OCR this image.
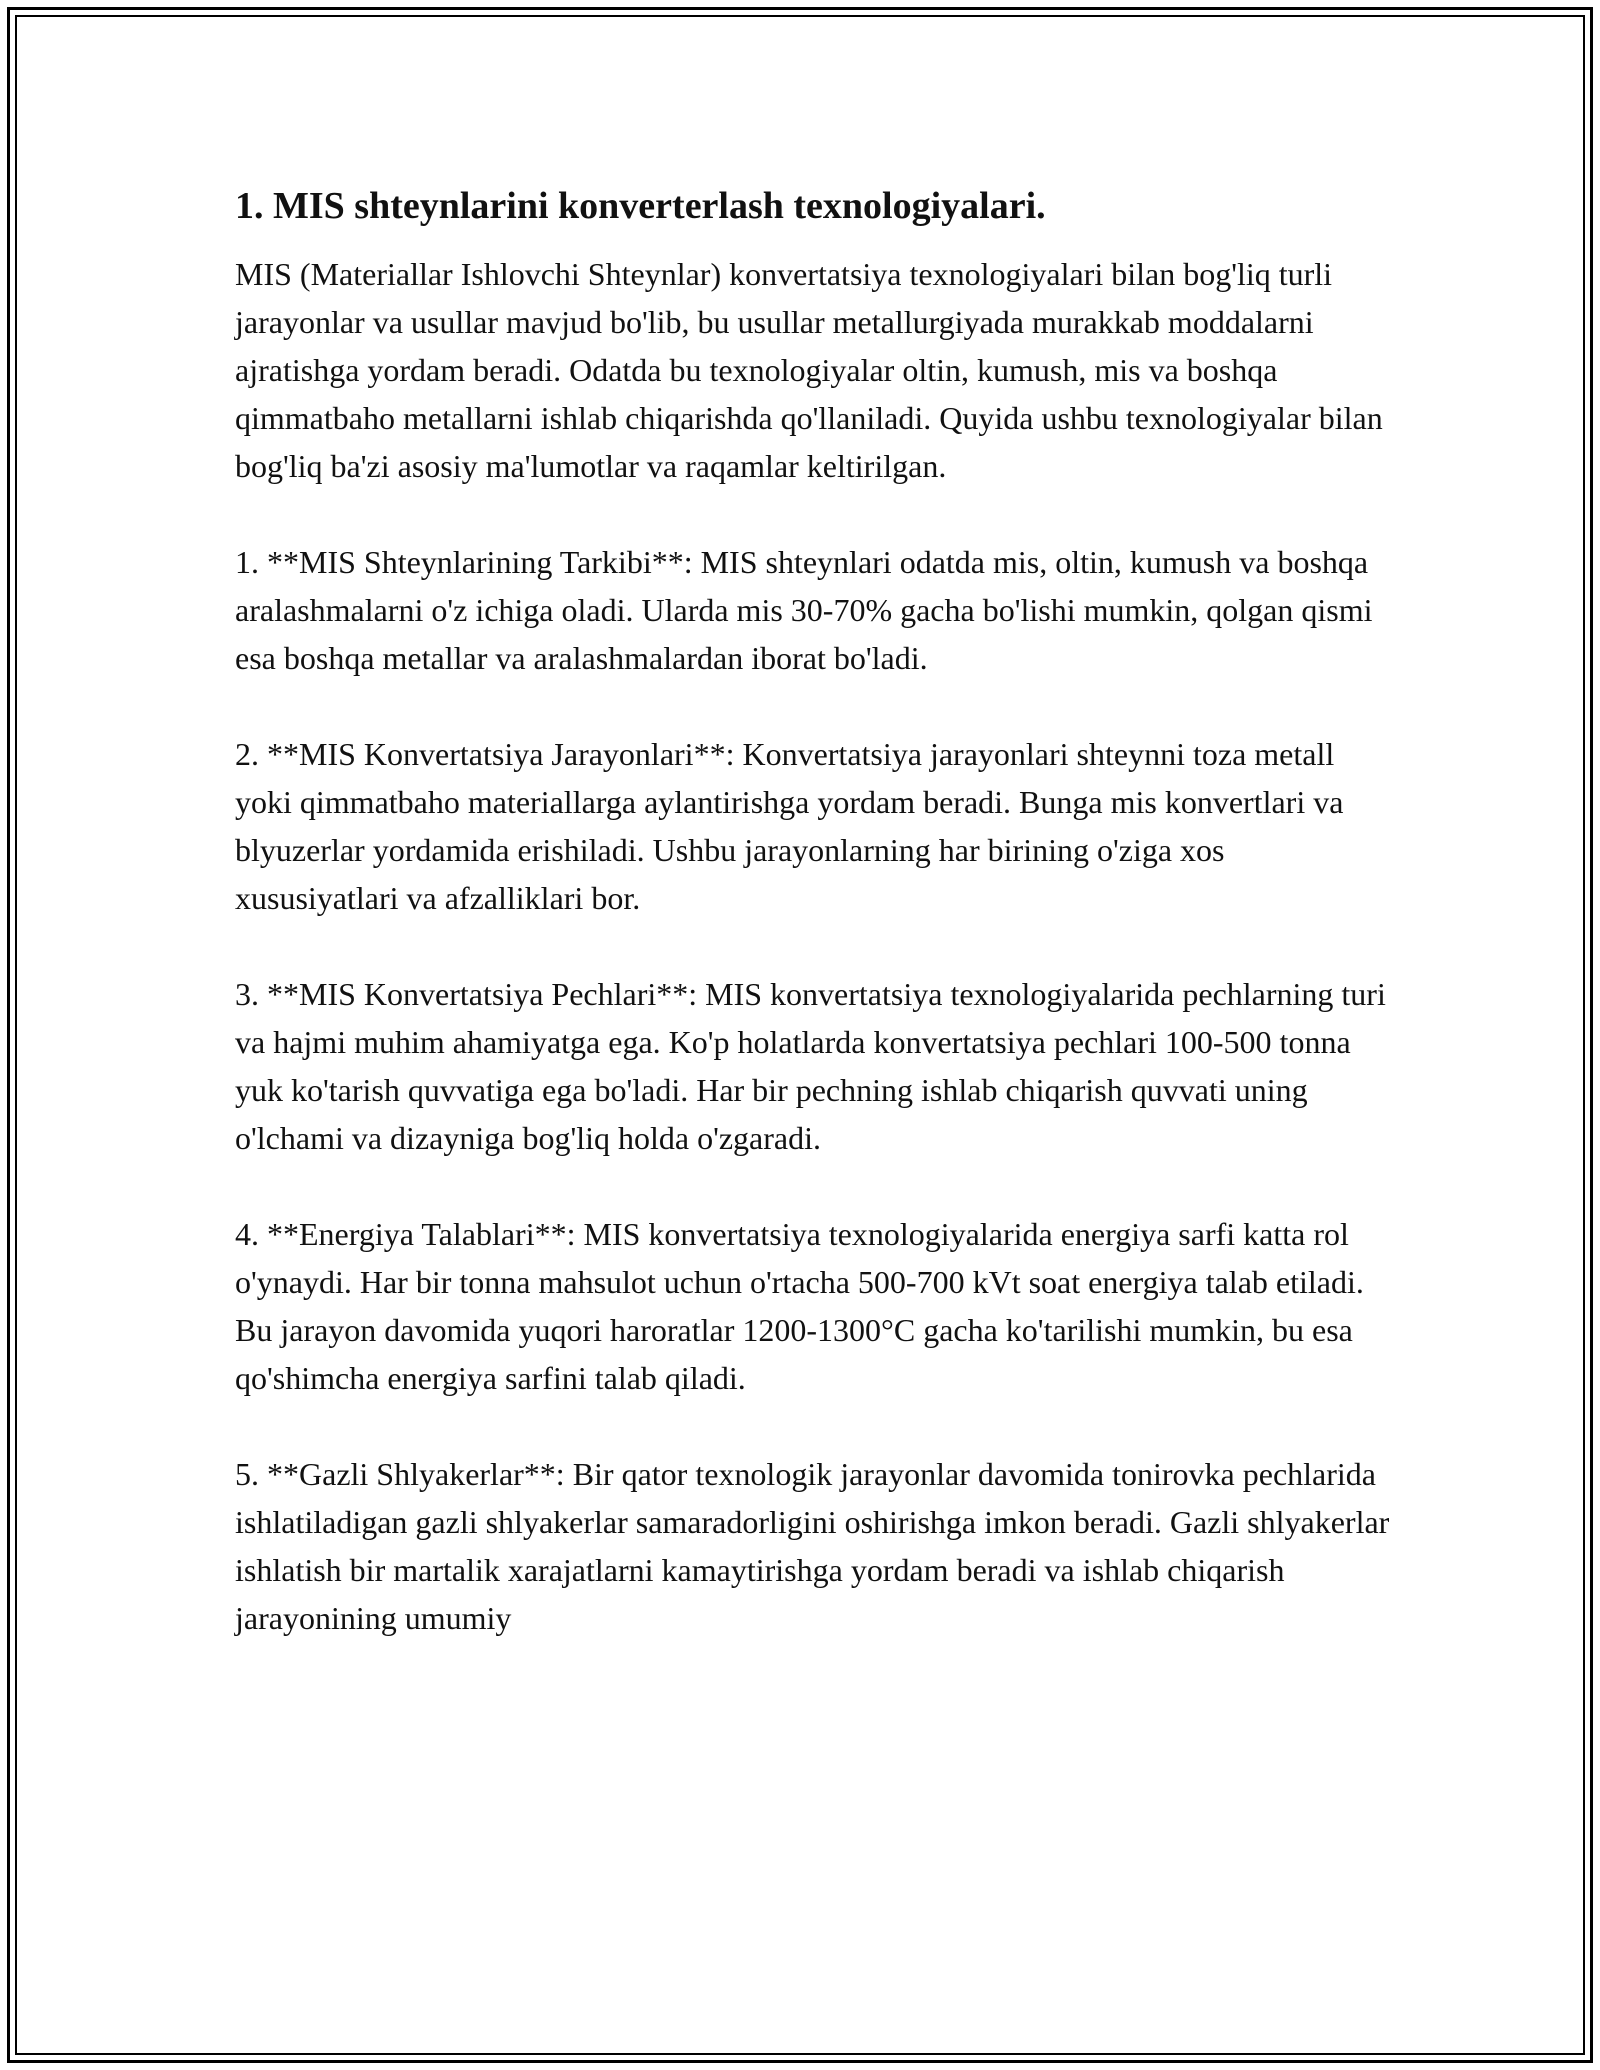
1. MIS shteynlarini konverterlash texnologiyalari.

MIS (Materiallar Ishlovchi Shteynlar) konvertatsiya texnologiyalari bilan bog'liq turli jarayonlar va usullar mavjud bo'lib, bu usullar metallurgiyada murakkab moddalarni ajratishga yordam beradi. Odatda bu texnologiyalar oltin, kumush, mis va boshqa qimmatbaho metallarni ishlab chiqarishda qo'llaniladi. Quyida ushbu texnologiyalar bilan bog'liq ba'zi asosiy ma'lumotlar va raqamlar keltirilgan.

1. **MIS Shteynlarining Tarkibi**: MIS shteynlari odatda mis, oltin, kumush va boshqa aralashmalarni o'z ichiga oladi. Ularda mis 30-70% gacha bo'lishi mumkin, qolgan qismi esa boshqa metallar va aralashmalardan iborat bo'ladi.

2. **MIS Konvertatsiya Jarayonlari**: Konvertatsiya jarayonlari shteynni toza metall yoki qimmatbaho materiallarga aylantirishga yordam beradi. Bunga mis konvertlari va blyuzerlar yordamida erishiladi. Ushbu jarayonlarning har birining o'ziga xos xususiyatlari va afzalliklari bor.

3. **MIS Konvertatsiya Pechlari**: MIS konvertatsiya texnologiyalarida pechlarning turi va hajmi muhim ahamiyatga ega. Ko'p holatlarda konvertatsiya pechlari 100-500 tonna yuk ko'tarish quvvatiga ega bo'ladi. Har bir pechning ishlab chiqarish quvvati uning o'lchami va dizayniga bog'liq holda o'zgaradi.

4. **Energiya Talablari**: MIS konvertatsiya texnologiyalarida energiya sarfi katta rol o'ynaydi. Har bir tonna mahsulot uchun o'rtacha 500-700 kVt soat energiya talab etiladi. Bu jarayon davomida yuqori haroratlar 1200-1300°C gacha ko'tarilishi mumkin, bu esa qo'shimcha energiya sarfini talab qiladi.

5. **Gazli Shlyakerlar**: Bir qator texnologik jarayonlar davomida tonirovka pechlarida ishlatiladigan gazli shlyakerlar samaradorligini oshirishga imkon beradi. Gazli shlyakerlar ishlatish bir martalik xarajatlarni kamaytirishga yordam beradi va ishlab chiqarish jarayonining umumiy
